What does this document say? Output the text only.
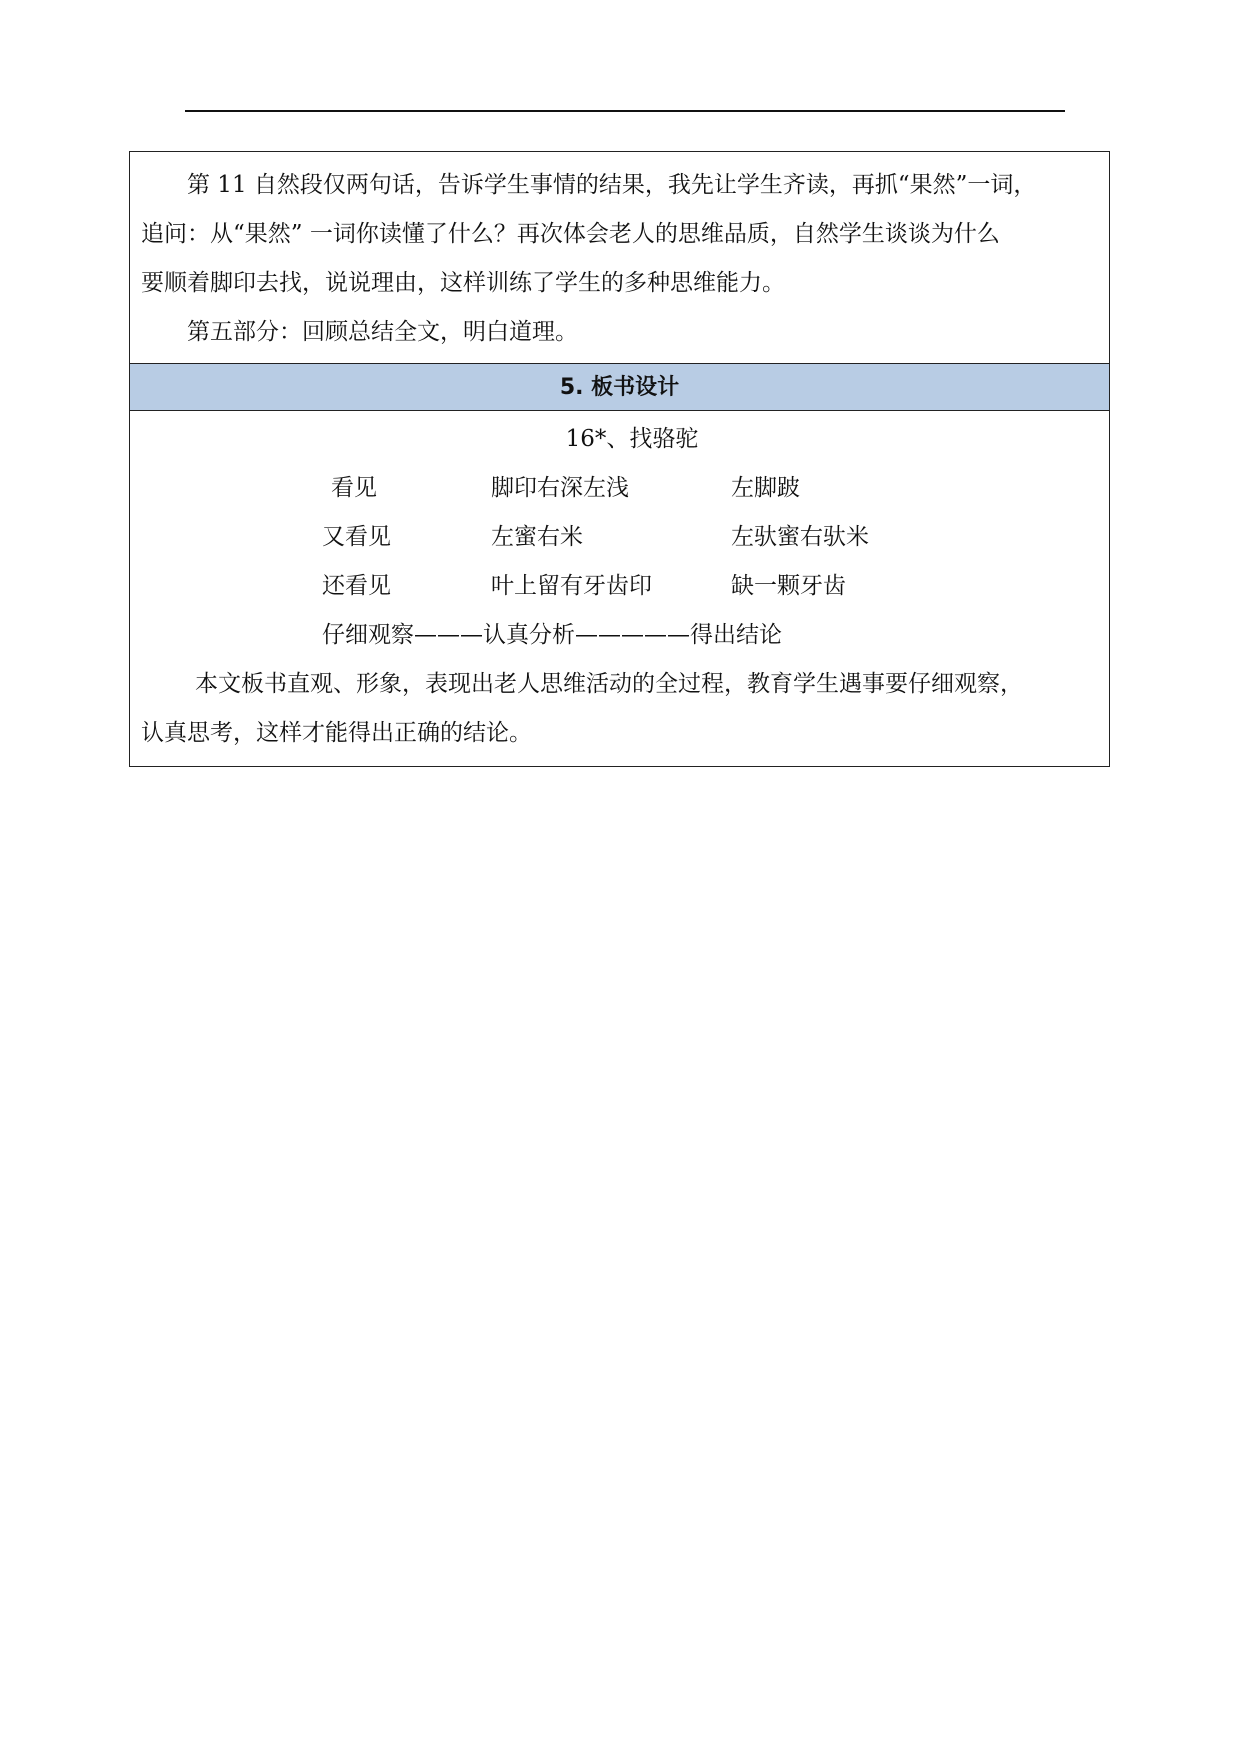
第 11 自然段仅两句话，告诉学生事情的结果，我先让学生齐读，再抓“果然”一词，
追问：从“果然” 一词你读懂了什么？再次体会老人的思维品质，自然学生谈谈为什么
要顺着脚印去找，说说理由，这样训练了学生的多种思维能力。

第五部分：回顾总结全文，明白道理。

5. 板书设计

16*、找骆驼

看见	脚印右深左浅	左脚跛
又看见	左蜜右米	左驮蜜右驮米
还看见	叶上留有牙齿印	缺一颗牙齿
仔细观察———认真分析—————得出结论

本文板书直观、形象，表现出老人思维活动的全过程，教育学生遇事要仔细观察，
认真思考，这样才能得出正确的结论。
